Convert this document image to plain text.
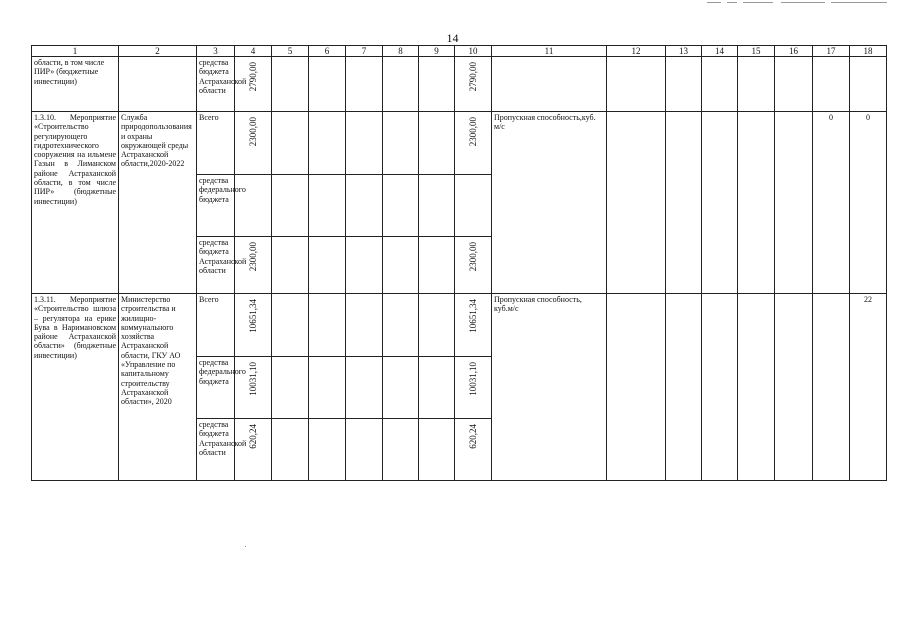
14
1	2	3	4	5	6	7	8	9	10	11	12	13	14	15	16	17	18
области, в том числе ПИР» (бюджетные инвестиции)		средства бюджета Астраханской области	2790,00						2790,00								

1.3.10. Мероприятие «Строительство регулирующего гидротехнического сооружения на ильмене Газын в Лиманском районе Астраханской области, в том числе ПИР» (бюджетные инвестиции)	Служба природопользования и охраны окружающей среды Астраханской области,2020-2022	Всего	2300,00						2300,00	Пропускная способность,куб. м/с						0	0
		средства федерального бюджета									

		средства бюджета Астраханской области	2300,00						2300,00								

1.3.11. Мероприятие «Строительство шлюза – регулятора на ерике Бува в Наримановском районе Астраханской области» (бюджетные инвестиции)	Министерство строительства и жилищно-коммунального хозяйства Астраханской области, ГКУ АО «Управление по капитальному строительству Астраханской области», 2020	Всего	10651,34						10651,34	Пропускная способность, куб.м/с							22
		средства федерального бюджета	10031,10						10031,10								

		средства бюджета Астраханской области	620,24						620,24								
